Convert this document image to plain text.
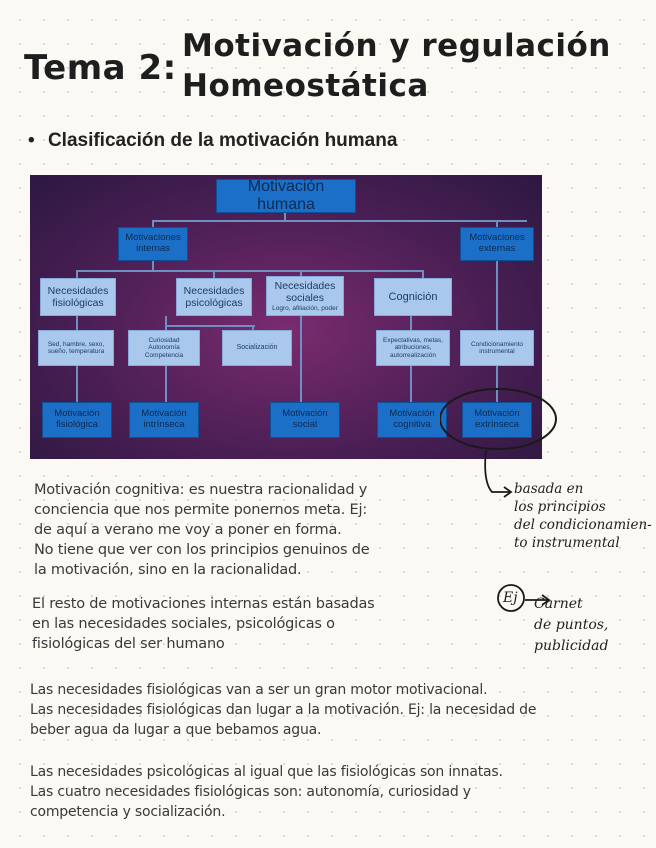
Tema 2:
Motivación y regulación
Homeostática
• Clasificación de la motivación humana
Motivación humana
Motivaciones internas
Motivaciones externas
Necesidades fisiológicas
Necesidades psicológicas
Necesidades sociales
Logro, afiliación, poder
Cognición
Sed, hambre, sexo, sueño, temperatura
Curiosidad Autonomía Competencia
Socialización
Expectativas, metas, atribuciones, autorrealización
Condicionamiento instrumental
Motivación fisiológica
Motivación intrínseca
Motivación social
Motivación cognitiva
Motivación extrínseca
basada en
los principios
del condicionamien-
to instrumental
Ej Carnet
de puntos,
publicidad
Motivación cognitiva: es nuestra racionalidad y
conciencia que nos permite ponernos meta. Ej:
de aquí a verano me voy a poner en forma.
No tiene que ver con los principios genuinos de
la motivación, sino en la racionalidad.
El resto de motivaciones internas están basadas
en las necesidades sociales, psicológicas o
fisiológicas del ser humano
Las necesidades fisiológicas van a ser un gran motor motivacional.
Las necesidades fisiológicas dan lugar a la motivación. Ej: la necesidad de
beber agua da lugar a que bebamos agua.
Las necesidades psicológicas al igual que las fisiológicas son innatas.
Las cuatro necesidades fisiológicas son: autonomía, curiosidad y
competencia y socialización.
